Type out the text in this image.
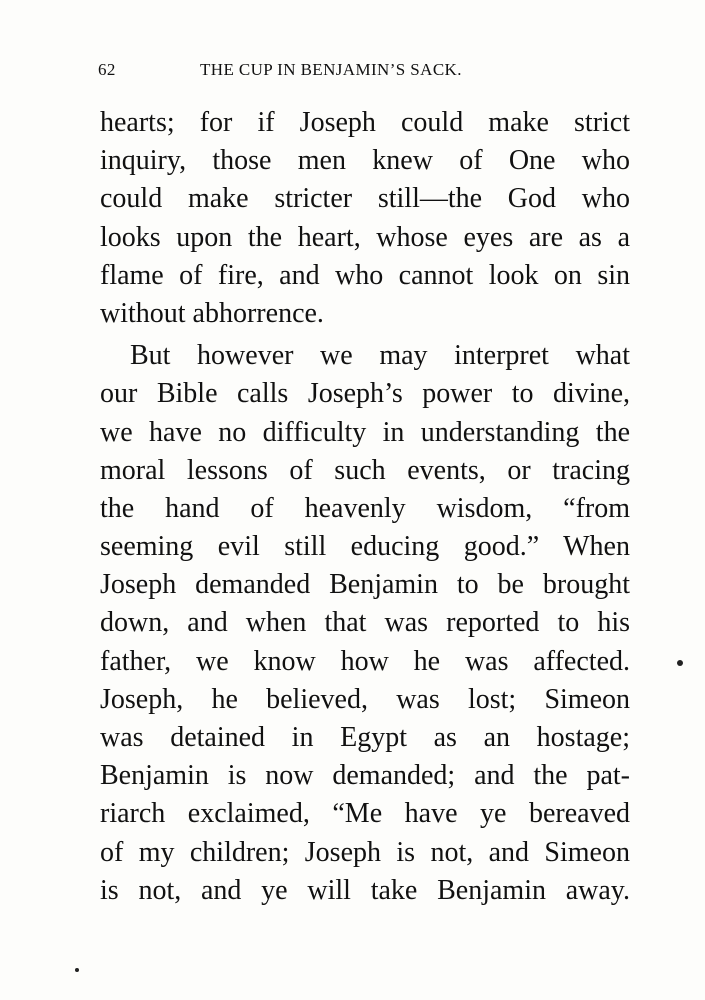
62	THE CUP IN BENJAMIN’S SACK.
hearts; for if Joseph could make strict
inquiry, those men knew of One who
could make stricter still—the God who
looks upon the heart, whose eyes are as a
flame of fire, and who cannot look on sin
without abhorrence.
But however we may interpret what
our Bible calls Joseph’s power to divine,
we have no difficulty in understanding the
moral lessons of such events, or tracing
the hand of heavenly wisdom, “from
seeming evil still educing good.” When
Joseph demanded Benjamin to be brought
down, and when that was reported to his
father, we know how he was affected.
Joseph, he believed, was lost; Simeon
was detained in Egypt as an hostage;
Benjamin is now demanded; and the pat-
riarch exclaimed, “Me have ye bereaved
of my children; Joseph is not, and Simeon
is not, and ye will take Benjamin away.
